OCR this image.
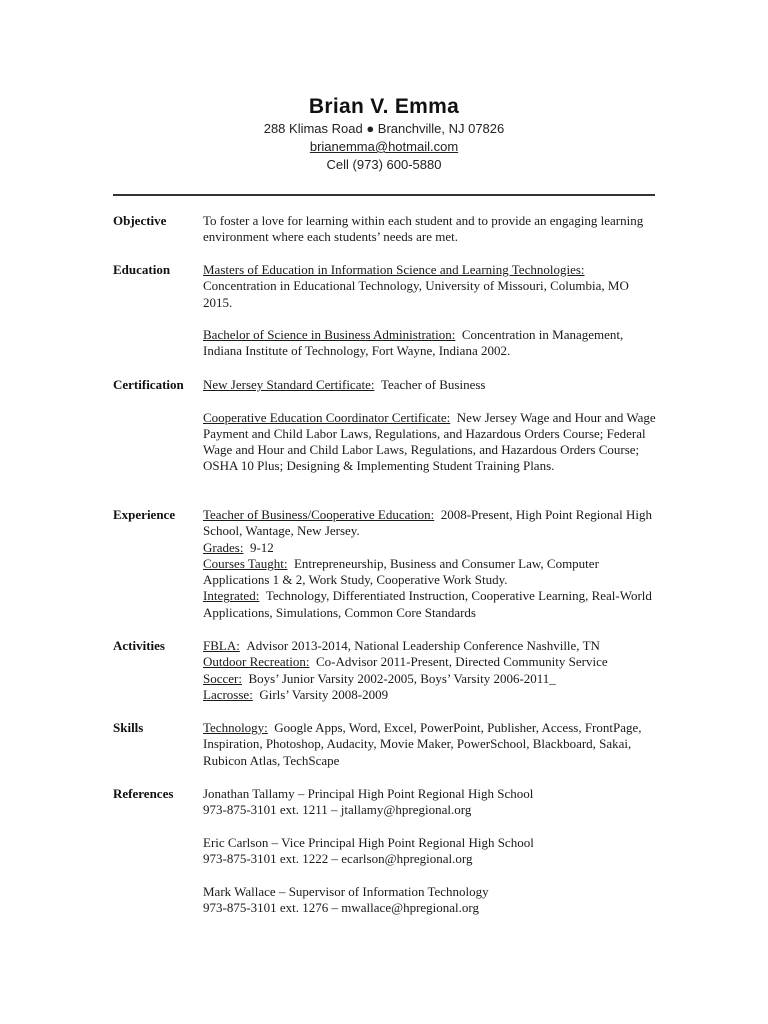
Brian V. Emma
288 Klimas Road ● Branchville, NJ 07826
brianemma@hotmail.com
Cell (973) 600-5880
Objective	To foster a love for learning within each student and to provide an engaging learning environment where each students’ needs are met.

Education	Masters of Education in Information Science and Learning Technologies:
Concentration in Educational Technology, University of Missouri, Columbia, MO 2015.

Bachelor of Science in Business Administration: Concentration in Management, Indiana Institute of Technology, Fort Wayne, Indiana 2002.

Certification	New Jersey Standard Certificate: Teacher of Business

Cooperative Education Coordinator Certificate: New Jersey Wage and Hour and Wage Payment and Child Labor Laws, Regulations, and Hazardous Orders Course; Federal Wage and Hour and Child Labor Laws, Regulations, and Hazardous Orders Course; OSHA 10 Plus; Designing & Implementing Student Training Plans.

Experience	Teacher of Business/Cooperative Education: 2008-Present, High Point Regional High School, Wantage, New Jersey.

Grades: 9-12
Courses Taught: Entrepreneurship, Business and Consumer Law, Computer Applications 1 & 2, Work Study, Cooperative Work Study.
Integrated: Technology, Differentiated Instruction, Cooperative Learning, Real-World Applications, Simulations, Common Core Standards
Activities	FBLA: Advisor 2013-2014, National Leadership Conference Nashville, TN
Outdoor Recreation: Co-Advisor 2011-Present, Directed Community Service
Soccer: Boys’ Junior Varsity 2002-2005, Boys’ Varsity 2006-2011_
Lacrosse: Girls’ Varsity 2008-2009
Skills	Technology: Google Apps, Word, Excel, PowerPoint, Publisher, Access, FrontPage, Inspiration, Photoshop, Audacity, Movie Maker, PowerSchool, Blackboard, Sakai, Rubicon Atlas, TechScape

References	Jonathan Tallamy – Principal High Point Regional High School
973-875-3101 ext. 1211 – jtallamy@hpregional.org

Eric Carlson – Vice Principal High Point Regional High School
973-875-3101 ext. 1222 – ecarlson@hpregional.org

Mark Wallace – Supervisor of Information Technology
973-875-3101 ext. 1276 – mwallace@hpregional.org
